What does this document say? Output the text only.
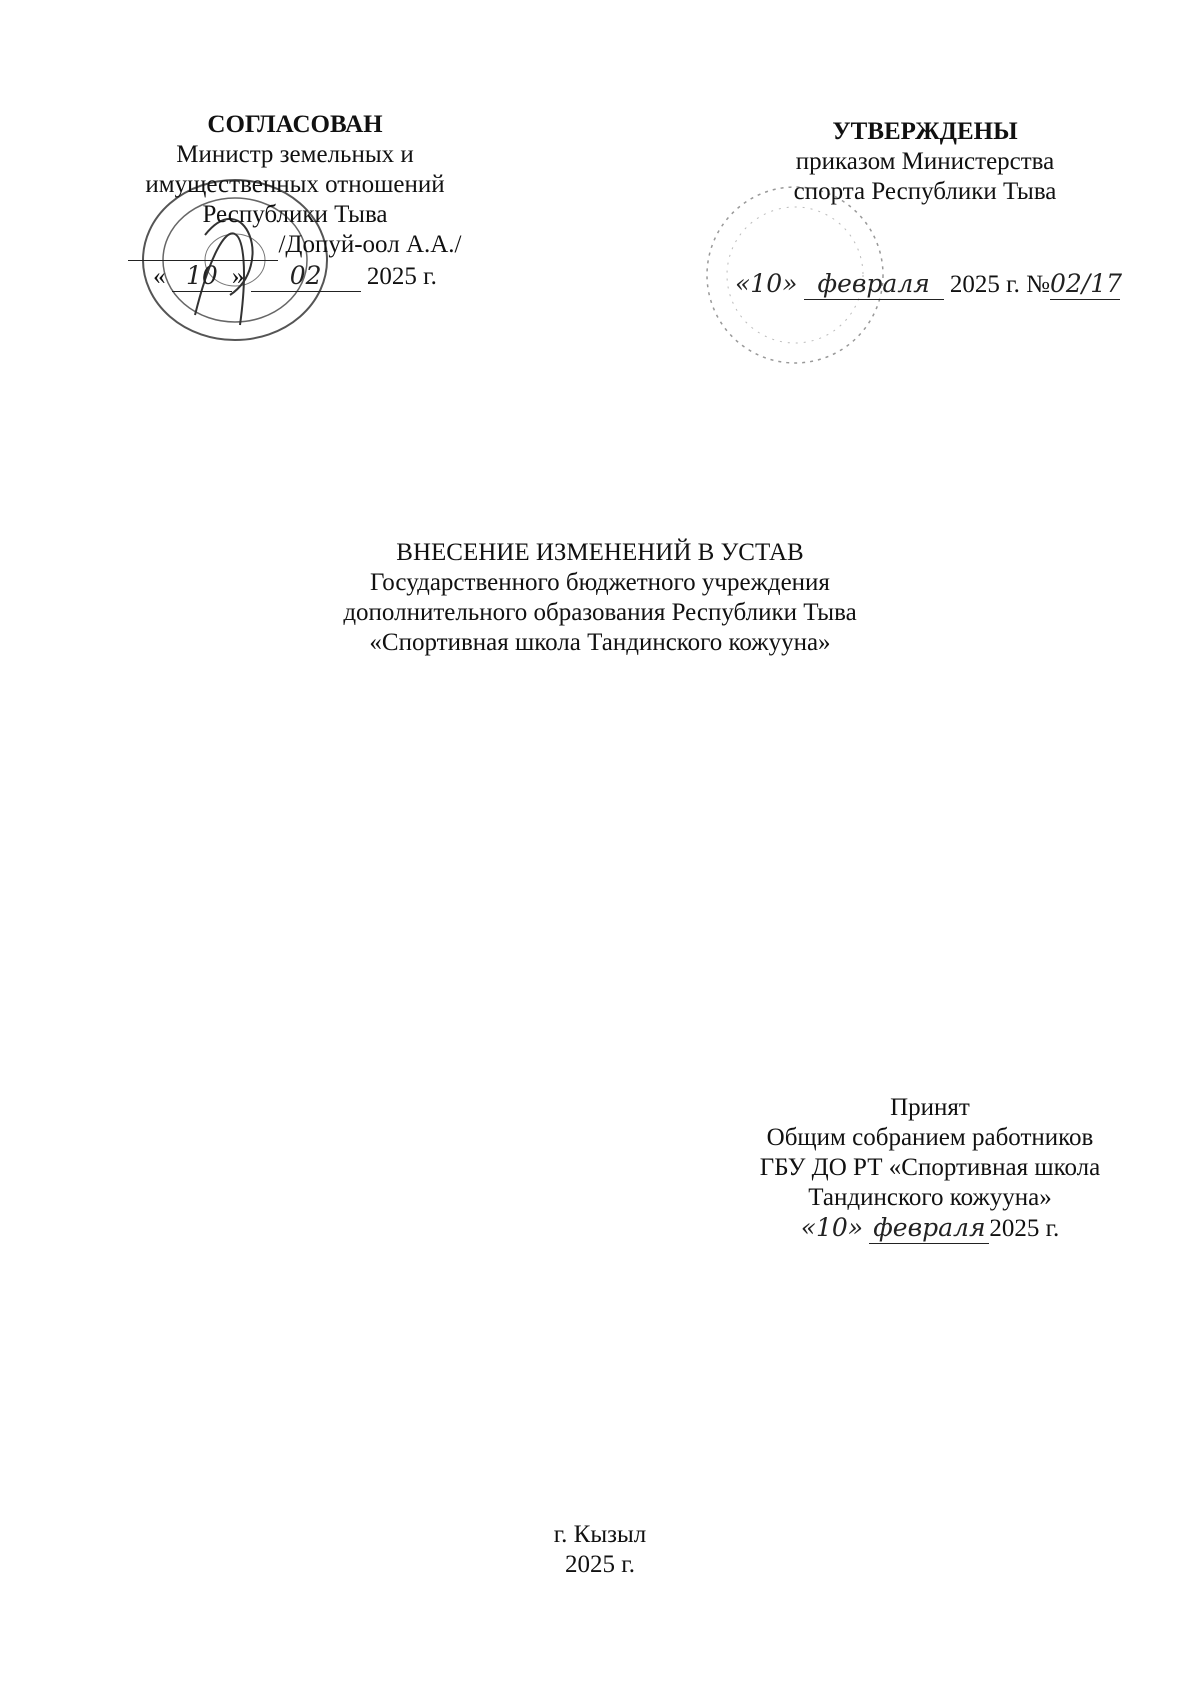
СОГЛАСОВАН
Министр земельных и
имущественных отношений
Республики Тыва
/Допуй-оол А.А./
« 10 » 02 2025 г.
УТВЕРЖДЕНЫ
приказом Министерства
спорта Республики Тыва
«10» февраля 2025 г. №02/17
ВНЕСЕНИЕ ИЗМЕНЕНИЙ В УСТАВ
Государственного бюджетного учреждения
дополнительного образования Республики Тыва
«Спортивная школа Тандинского кожууна»
Принят
Общим собранием работников
ГБУ ДО РТ «Спортивная школа
Тандинского кожууна»
«10» февраля 2025 г.
г. Кызыл
2025 г.
